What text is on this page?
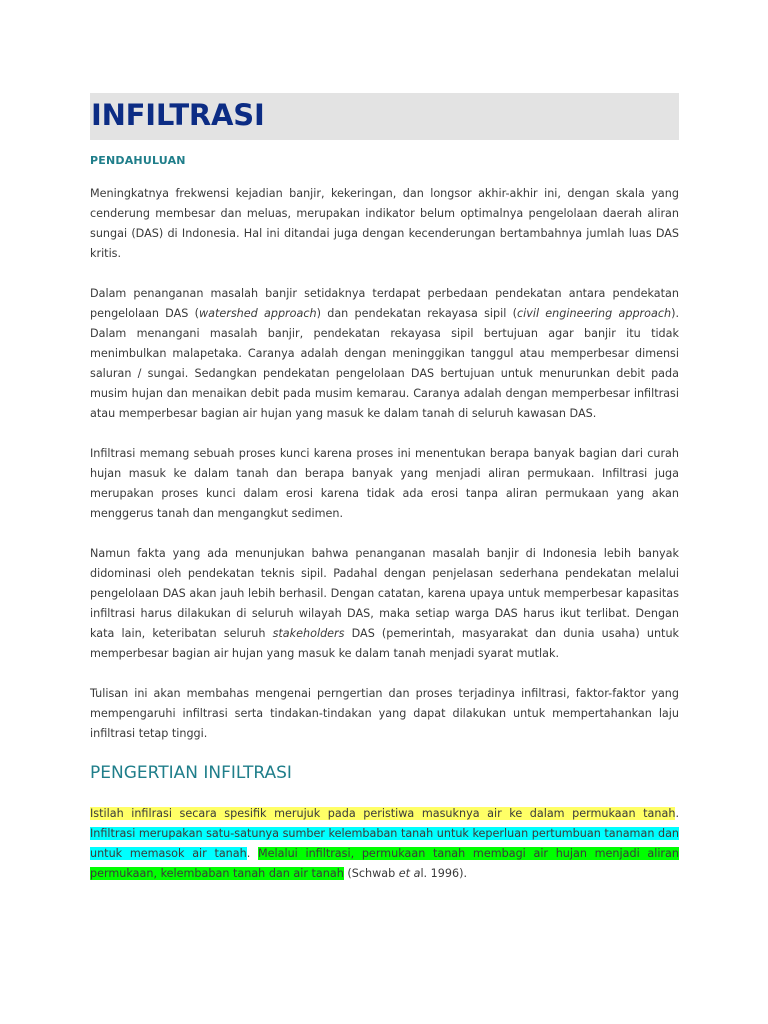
INFILTRASI
PENDAHULUAN

Meningkatnya frekwensi kejadian banjir, kekeringan, dan longsor akhir-akhir ini, dengan skala yang cenderung membesar dan meluas, merupakan indikator belum optimalnya pengelolaan daerah aliran sungai (DAS) di Indonesia. Hal ini ditandai juga dengan kecenderungan bertambahnya jumlah luas DAS kritis.

Dalam penanganan masalah banjir setidaknya terdapat perbedaan pendekatan antara pendekatan pengelolaan DAS (watershed approach) dan pendekatan rekayasa sipil (civil engineering approach). Dalam menangani masalah banjir, pendekatan rekayasa sipil bertujuan agar banjir itu tidak menimbulkan malapetaka. Caranya adalah dengan meninggikan tanggul atau memperbesar dimensi saluran / sungai. Sedangkan pendekatan pengelolaan DAS bertujuan untuk menurunkan debit pada musim hujan dan menaikan debit pada musim kemarau. Caranya adalah dengan memperbesar infiltrasi atau memperbesar bagian air hujan yang masuk ke dalam tanah di seluruh kawasan DAS.

Infiltrasi memang sebuah proses kunci karena proses ini menentukan berapa banyak bagian dari curah hujan masuk ke dalam tanah dan berapa banyak yang menjadi aliran permukaan. Infiltrasi juga merupakan proses kunci dalam erosi karena tidak ada erosi tanpa aliran permukaan yang akan menggerus tanah dan mengangkut sedimen.

Namun fakta yang ada menunjukan bahwa penanganan masalah banjir di Indonesia lebih banyak didominasi oleh pendekatan teknis sipil. Padahal dengan penjelasan sederhana pendekatan melalui pengelolaan DAS akan jauh lebih berhasil. Dengan catatan, karena upaya untuk memperbesar kapasitas infiltrasi harus dilakukan di seluruh wilayah DAS, maka setiap warga DAS harus ikut terlibat. Dengan kata lain, keteribatan seluruh stakeholders DAS (pemerintah, masyarakat dan dunia usaha) untuk memperbesar bagian air hujan yang masuk ke dalam tanah menjadi syarat mutlak.

Tulisan ini akan membahas mengenai perngertian dan proses terjadinya infiltrasi, faktor-faktor yang mempengaruhi infiltrasi serta tindakan-tindakan yang dapat dilakukan untuk mempertahankan laju infiltrasi tetap tinggi.

PENGERTIAN INFILTRASI

Istilah infilrasi secara spesifik merujuk pada peristiwa masuknya air ke dalam permukaan tanah. Infiltrasi merupakan satu-satunya sumber kelembaban tanah untuk keperluan pertumbuan tanaman dan untuk memasok air tanah. Melalui infiltrasi, permukaan tanah membagi air hujan menjadi aliran permukaan, kelembaban tanah dan air tanah (Schwab et al. 1996).
